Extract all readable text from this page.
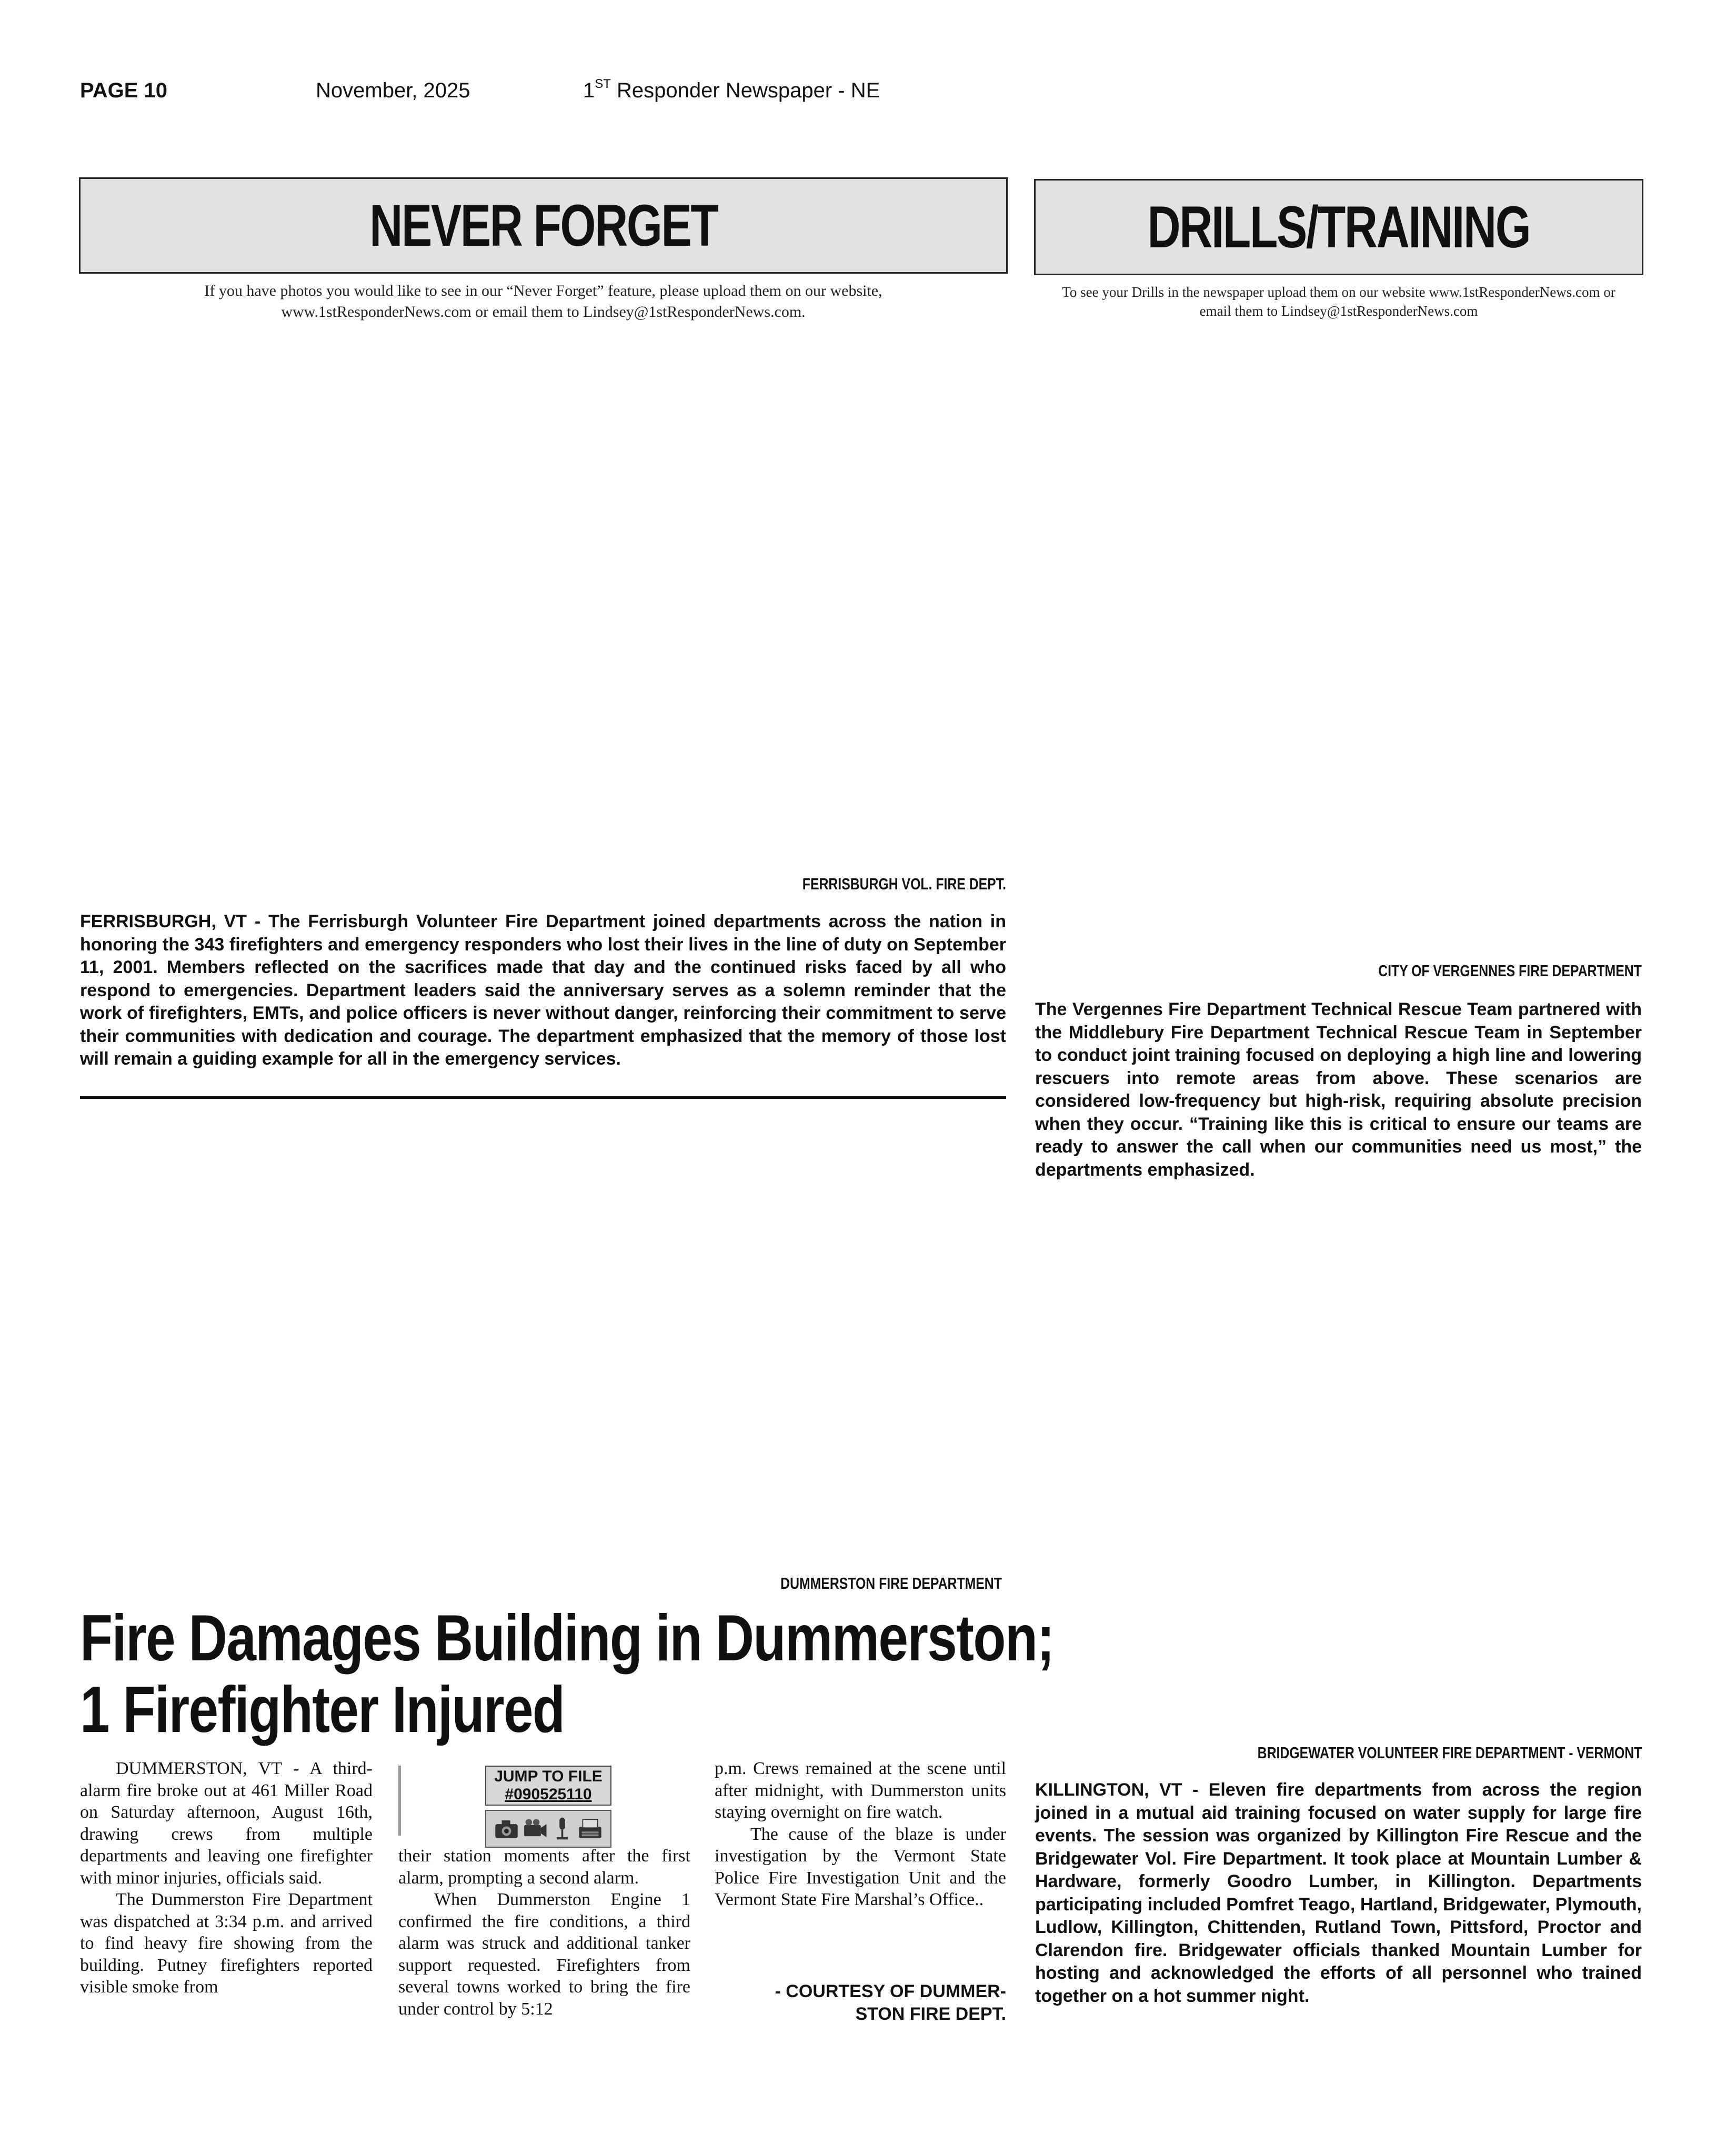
PAGE 10	November, 2025	1ST Responder Newspaper - NE
NEVER FORGET
If you have photos you would like to see in our “Never Forget” feature, please upload them on our website,
www.1stResponderNews.com or email them to Lindsey@1stResponderNews.com.
FERRISBURGH VOL. FIRE DEPT.
FERRISBURGH, VT - The Ferrisburgh Volunteer Fire Department joined departments across the nation in honoring the 343 firefighters and emergency responders who lost their lives in the line of duty on September 11, 2001. Members reflected on the sacrifices made that day and the continued risks faced by all who respond to emergencies. Department leaders said the anniversary serves as a solemn reminder that the work of firefighters, EMTs, and police officers is never without danger, reinforcing their commitment to serve their communities with dedication and courage. The department emphasized that the memory of those lost will remain a guiding example for all in the emergency services.
DRILLS/TRAINING
To see your Drills in the newspaper upload them on our website www.1stResponderNews.com or
email them to Lindsey@1stResponderNews.com
CITY OF VERGENNES FIRE DEPARTMENT
The Vergennes Fire Department Technical Rescue Team partnered with the Middlebury Fire Department Technical Rescue Team in September to conduct joint training focused on deploying a high line and lowering rescuers into remote areas from above. These scenarios are considered low-frequency but high-risk, requiring absolute precision when they occur. “Training like this is critical to ensure our teams are ready to answer the call when our communities need us most,” the departments emphasized.
BRIDGEWATER VOLUNTEER FIRE DEPARTMENT - VERMONT
KILLINGTON, VT - Eleven fire departments from across the region joined in a mutual aid training focused on water supply for large fire events. The session was organized by Killington Fire Rescue and the Bridgewater Vol. Fire Department. It took place at Mountain Lumber & Hardware, formerly Goodro Lumber, in Killington. Departments participating included Pomfret Teago, Hartland, Bridgewater, Plymouth, Ludlow, Killington, Chittenden, Rutland Town, Pittsford, Proctor and Clarendon fire. Bridgewater officials thanked Mountain Lumber for hosting and acknowledged the efforts of all personnel who trained together on a hot summer night.
DUMMERSTON FIRE DEPARTMENT
Fire Damages Building in Dummerston;
1 Firefighter Injured

DUMMERSTON, VT - A third-alarm fire broke out at 461 Miller Road on Saturday afternoon, August 16th, drawing crews from multiple departments and leaving one firefighter with minor injuries, officials said.

The Dummerston Fire Department was dispatched at 3:34 p.m. and arrived to find heavy fire showing from the building. Putney firefighters reported visible smoke from

JUMP TO FILE #090525110

their station moments after the first alarm, prompting a second alarm.

When Dummerston Engine 1 confirmed the fire conditions, a third alarm was struck and additional tanker support requested. Firefighters from several towns worked to bring the fire under control by 5:12

p.m. Crews remained at the scene until after midnight, with Dummerston units staying overnight on fire watch.

The cause of the blaze is under investigation by the Vermont State Police Fire Investigation Unit and the Vermont State Fire Marshal’s Office..

- COURTESY OF DUMMER-
STON FIRE DEPT.
